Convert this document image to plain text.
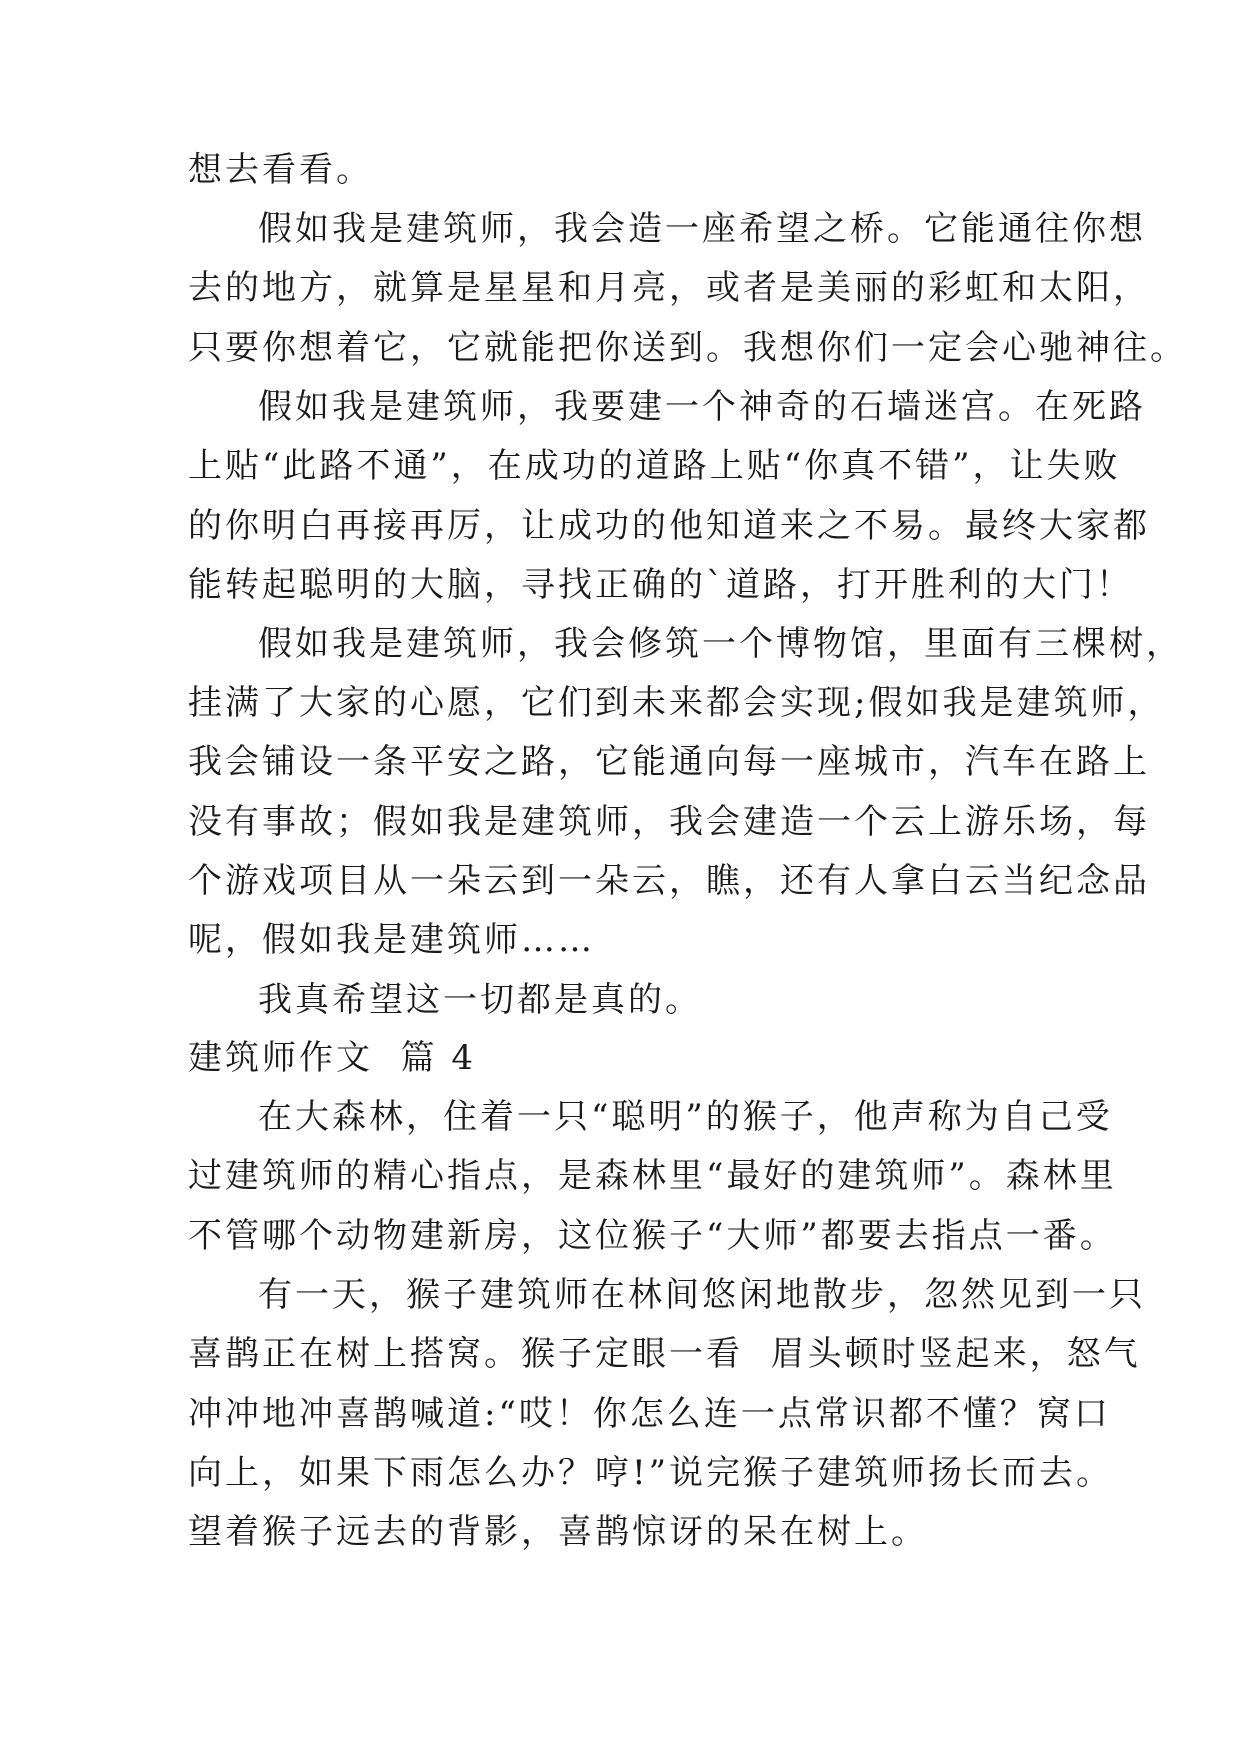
想去看看。
假如我是建筑师，我会造一座希望之桥。它能通往你想
去的地方，就算是星星和月亮，或者是美丽的彩虹和太阳，
只要你想着它，它就能把你送到。我想你们一定会心驰神往。
假如我是建筑师，我要建一个神奇的石墙迷宫。在死路
上贴“此路不通”，在成功的道路上贴“你真不错”，让失败
的你明白再接再厉，让成功的他知道来之不易。最终大家都
能转起聪明的大脑，寻找正确的`道路，打开胜利的大门！
假如我是建筑师，我会修筑一个博物馆，里面有三棵树，
挂满了大家的心愿，它们到未来都会实现;假如我是建筑师，
我会铺设一条平安之路，它能通向每一座城市，汽车在路上
没有事故；假如我是建筑师，我会建造一个云上游乐场，每
个游戏项目从一朵云到一朵云，瞧，还有人拿白云当纪念品
呢，假如我是建筑师……
我真希望这一切都是真的。
建筑师作文  篇 4
在大森林，住着一只“聪明”的猴子，他声称为自己受
过建筑师的精心指点，是森林里“最好的建筑师”。森林里
不管哪个动物建新房，这位猴子“大师”都要去指点一番。
有一天，猴子建筑师在林间悠闲地散步，忽然见到一只
喜鹊正在树上搭窝。猴子定眼一看  眉头顿时竖起来，怒气
冲冲地冲喜鹊喊道:“哎！你怎么连一点常识都不懂？窝口
向上，如果下雨怎么办？哼!”说完猴子建筑师扬长而去。
望着猴子远去的背影，喜鹊惊讶的呆在树上。
